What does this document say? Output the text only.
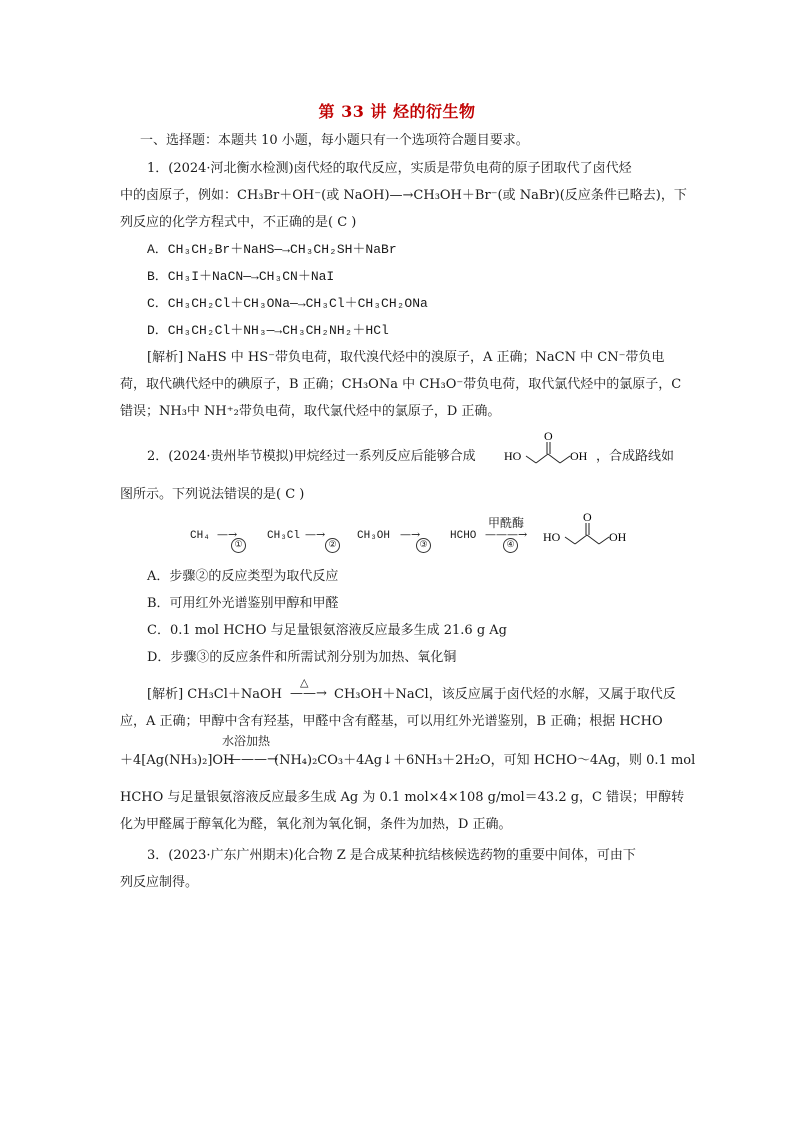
第 33 讲 烃的衍生物
一、选择题：本题共 10 小题，每小题只有一个选项符合题目要求。
1．(2024·河北衡水检测)卤代烃的取代反应，实质是带负电荷的原子团取代了卤代烃
中的卤原子，例如：CH₃Br＋OH⁻(或 NaOH)—→CH₃OH＋Br⁻(或 NaBr)(反应条件已略去)，下
列反应的化学方程式中，不正确的是( C )
A．CH₃CH₂Br＋NaHS—→CH₃CH₂SH＋NaBr
B．CH₃I＋NaCN—→CH₃CN＋NaI
C．CH₃CH₂Cl＋CH₃ONa—→CH₃Cl＋CH₃CH₂ONa
D．CH₃CH₂Cl＋NH₃—→CH₃CH₂NH₂＋HCl
[解析] NaHS 中 HS⁻带负电荷，取代溴代烃中的溴原子，A 正确；NaCN 中 CN⁻带负电
荷，取代碘代烃中的碘原子，B 正确；CH₃ONa 中 CH₃O⁻带负电荷，取代氯代烃中的氯原子，C
错误；NH₃中 NH⁺₂带负电荷，取代氯代烃中的氯原子，D 正确。
2．(2024·贵州毕节模拟)甲烷经过一系列反应后能够合成	HO
O
OH ，合成路线如
图所示。下列说法错误的是( C )
CH₄ —→
①
CH₃Cl —→
②
CH₃OH —→
③
HCHO
甲酰酶
———→
④
HO
O
OH
A．步骤②的反应类型为取代反应
B．可用红外光谱鉴别甲醇和甲醛
C．0.1 mol HCHO 与足量银氨溶液反应最多生成 21.6 g Ag
D．步骤③的反应条件和所需试剂分别为加热、氧化铜
[解析] CH₃Cl＋NaOH
△
——→ CH₃OH＋NaCl，该反应属于卤代烃的水解，又属于取代反
应，A 正确；甲醇中含有羟基，甲醛中含有醛基，可以用红外光谱鉴别，B 正确；根据 HCHO
水浴加热
＋4[Ag(NH₃)₂]OH
———→
(NH₄)₂CO₃＋4Ag↓＋6NH₃＋2H₂O，可知 HCHO～4Ag，则 0.1 mol
HCHO 与足量银氨溶液反应最多生成 Ag 为 0.1 mol×4×108 g/mol＝43.2 g，C 错误；甲醇转
化为甲醛属于醇氧化为醛，氧化剂为氧化铜，条件为加热，D 正确。
3．(2023·广东广州期末)化合物 Z 是合成某种抗结核候选药物的重要中间体，可由下
列反应制得。
